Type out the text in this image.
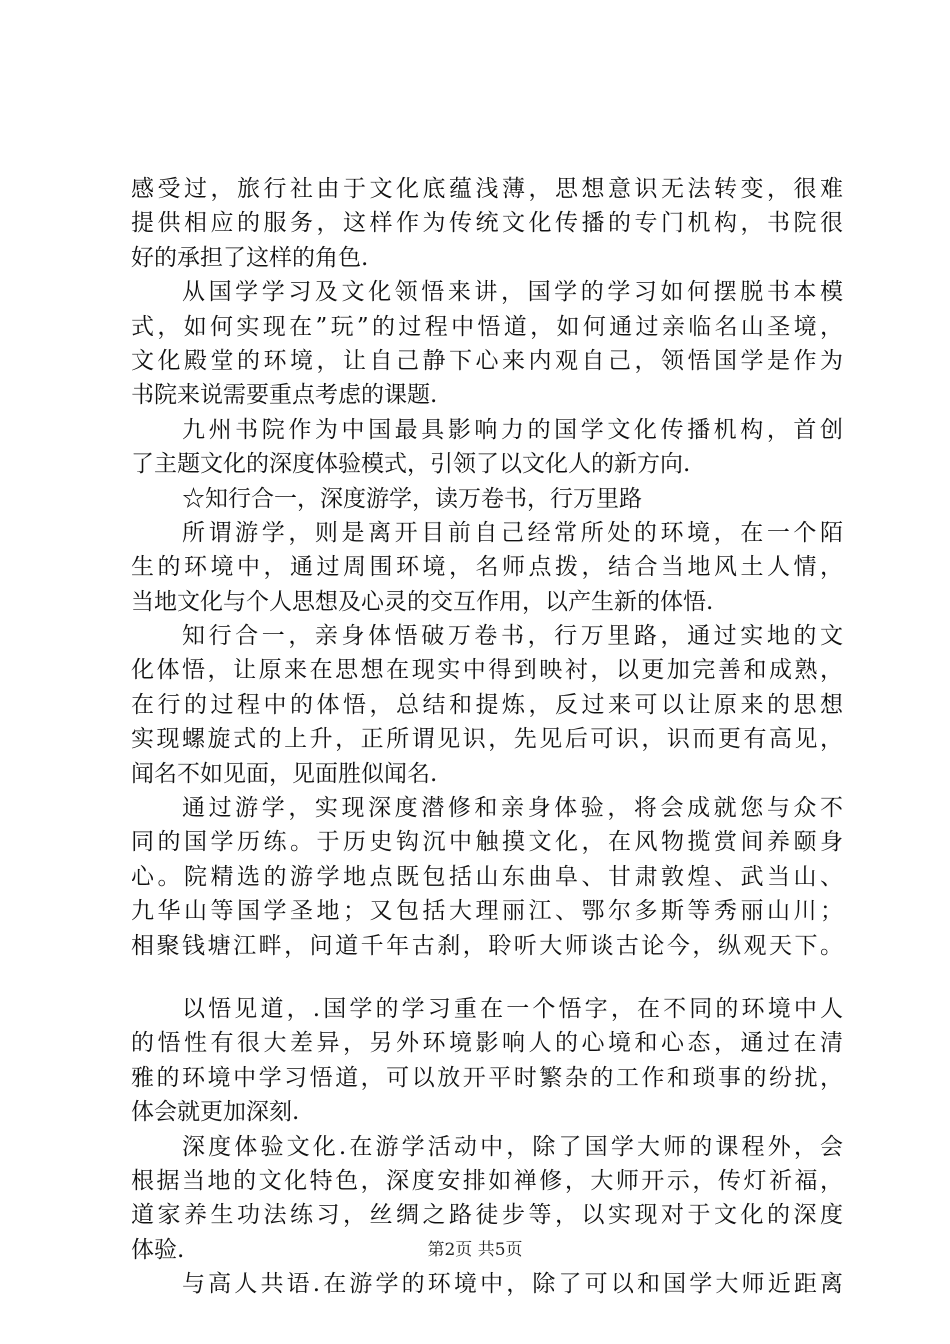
感受过，旅行社由于文化底蕴浅薄，思想意识无法转变，很难
提供相应的服务，这样作为传统文化传播的专门机构，书院很
好的承担了这样的角色.
从国学学习及文化领悟来讲，国学的学习如何摆脱书本模
式，如何实现在”玩”的过程中悟道，如何通过亲临名山圣境，
文化殿堂的环境，让自己静下心来内观自己，领悟国学是作为
书院来说需要重点考虑的课题.
九州书院作为中国最具影响力的国学文化传播机构，首创
了主题文化的深度体验模式，引领了以文化人的新方向.
☆知行合一，深度游学，读万卷书，行万里路
所谓游学，则是离开目前自己经常所处的环境，在一个陌
生的环境中，通过周围环境，名师点拨，结合当地风土人情，
当地文化与个人思想及心灵的交互作用，以产生新的体悟.
知行合一，亲身体悟破万卷书，行万里路，通过实地的文
化体悟，让原来在思想在现实中得到映衬，以更加完善和成熟，
在行的过程中的体悟，总结和提炼，反过来可以让原来的思想
实现螺旋式的上升，正所谓见识，先见后可识，识而更有高见，
闻名不如见面，见面胜似闻名.
通过游学，实现深度潜修和亲身体验，将会成就您与众不
同的国学历练。于历史钩沉中触摸文化，在风物揽赏间养颐身
心。院精选的游学地点既包括山东曲阜、甘肃敦煌、武当山、
九华山等国学圣地；又包括大理丽江、鄂尔多斯等秀丽山川；
相聚钱塘江畔，问道千年古刹，聆听大师谈古论今，纵观天下。
以悟见道，.国学的学习重在一个悟字，在不同的环境中人
的悟性有很大差异，另外环境影响人的心境和心态，通过在清
雅的环境中学习悟道，可以放开平时繁杂的工作和琐事的纷扰，
体会就更加深刻.
深度体验文化.在游学活动中，除了国学大师的课程外，会
根据当地的文化特色，深度安排如禅修，大师开示，传灯祈福，
道家养生功法练习，丝绸之路徒步等，以实现对于文化的深度
体验.
与高人共语.在游学的环境中，除了可以和国学大师近距离
第2页 共5页
